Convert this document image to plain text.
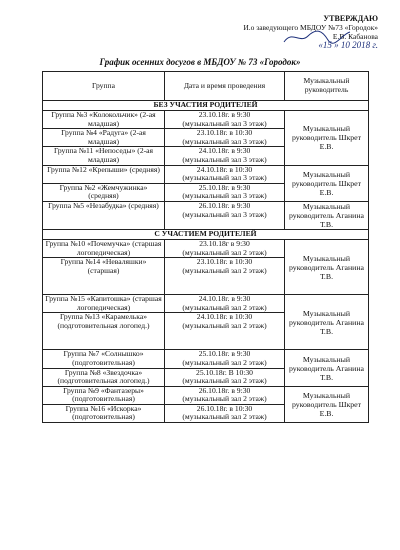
УТВЕРЖДАЮ
И.о заведующего МБДОУ №73 «Городок»
Е.В. Кабанова
«15 » 10 2018 г.
График осенних досугов в МБДОУ № 73 «Городок»
Группа	Дата и время проведения	Музыкальный руководитель
БЕЗ УЧАСТИЯ РОДИТЕЛЕЙ		
Группа №3 «Колокольчик» (2-ая младшая)	23.10.18г. в 9:30
(музыкальный зал 3 этаж)	Музыкальный руководитель Шкрет Е.В.
Группа №4 «Радуга» (2-ая младшая)	23.10.18г. в 10:30
(музыкальный зал 3 этаж)	

Группа №11 «Непоседы» (2-ая младшая)	24.10.18г. в 9:30
(музыкальный зал 3 этаж)	

Группа №12 «Крепыши» (средняя)	24.10.18г. в 10:30
(музыкальный зал 3 этаж)	Музыкальный руководитель Шкрет Е.В.
Группа №2 «Жемчужинка» (средняя)	25.10.18г. в 9:30
(музыкальный зал 3 этаж)	

Группа №5 «Незабудка» (средняя)	26.10.18г. в 9:30
(музыкальный зал 3 этаж)	Музыкальный руководитель Аганина Т.В.
С УЧАСТИЕМ РОДИТЕЛЕЙ		
Группа №10 «Почемучка» (старшая логопедическая)	23.10.18г в 9:30
(музыкальный зал 2 этаж)	Музыкальный руководитель Аганина Т.В.
Группа №14 «Неваляшки» (старшая)	23.10.18г. в 10:30
(музыкальный зал 2 этаж)	

Группа №15 «Капитошка» (старшая логопедическая)	24.10.18г. в 9:30
(музыкальный зал 2 этаж)	Музыкальный руководитель Аганина Т.В.
Группа №13 «Карамелька» (подготовительная логопед.)	24.10.18г. в 10:30
(музыкальный зал 2 этаж)	

Группа №7 «Солнышко» (подготовительная)	25.10.18г. в 9:30
(музыкальный зал 2 этаж)	Музыкальный руководитель Аганина Т.В.
Группа №8 «Звездочка» (подготовительная логопед.)	25.10.18г. В 10:30
(музыкальный зал 2 этаж)	

Группа №9 «Фантазеры» (подготовительная)	26.10.18г. в 9:30
(музыкальный зал 2 этаж)	Музыкальный руководитель Шкрет Е.В.
Группа №16 «Искорка» (подготовительная)	26.10.18г. в 10:30
(музыкальный зал 2 этаж)	
